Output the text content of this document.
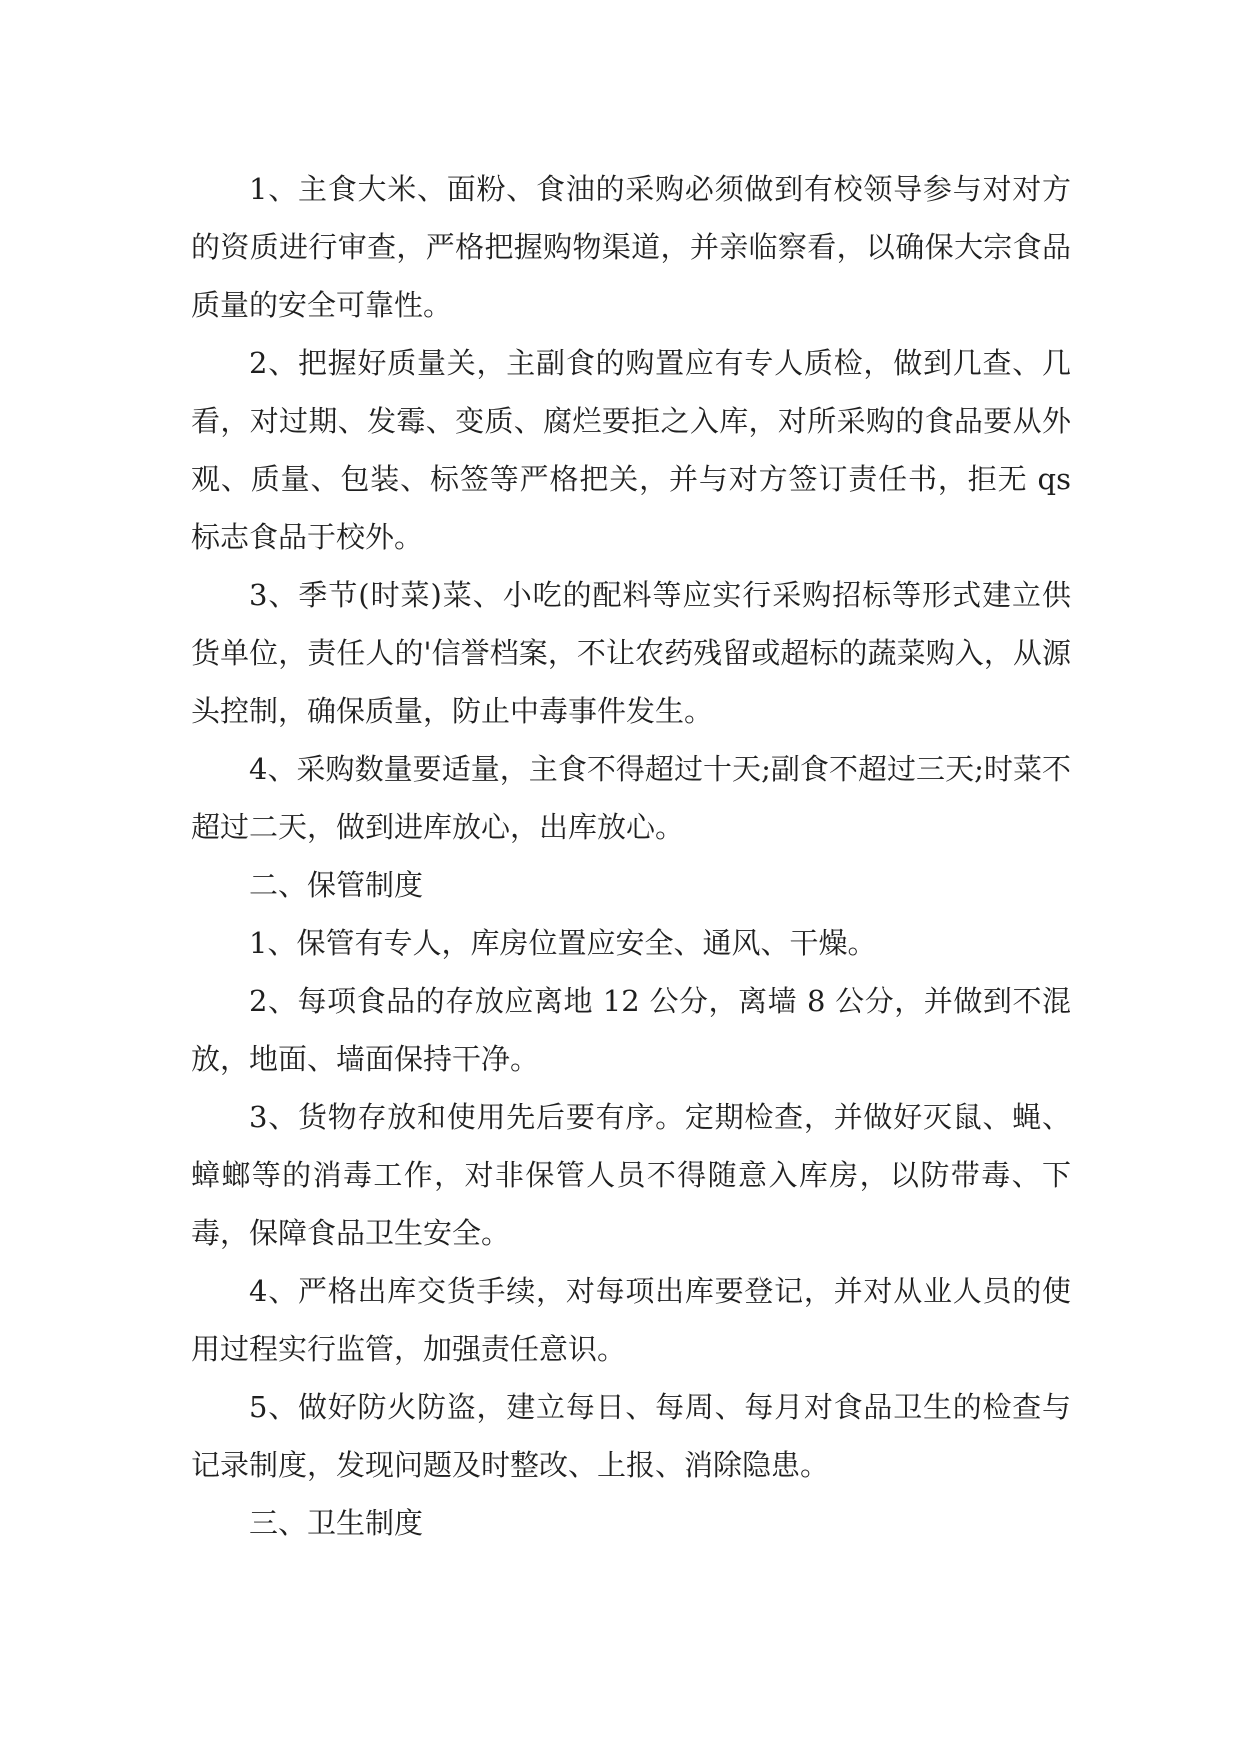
1、主食大米、面粉、食油的采购必须做到有校领导参与对对方的资质进行审查，严格把握购物渠道，并亲临察看，以确保大宗食品质量的安全可靠性。

2、把握好质量关，主副食的购置应有专人质检，做到几查、几看，对过期、发霉、变质、腐烂要拒之入库，对所采购的食品要从外观、质量、包装、标签等严格把关，并与对方签订责任书，拒无 qs 标志食品于校外。

3、季节(时菜)菜、小吃的配料等应实行采购招标等形式建立供货单位，责任人的'信誉档案，不让农药残留或超标的蔬菜购入，从源头控制，确保质量，防止中毒事件发生。

4、采购数量要适量，主食不得超过十天;副食不超过三天;时菜不超过二天，做到进库放心，出库放心。

二、保管制度

1、保管有专人，库房位置应安全、通风、干燥。

2、每项食品的存放应离地 12 公分，离墙 8 公分，并做到不混放，地面、墙面保持干净。

3、货物存放和使用先后要有序。定期检查，并做好灭鼠、蝇、蟑螂等的消毒工作，对非保管人员不得随意入库房，以防带毒、下毒，保障食品卫生安全。

4、严格出库交货手续，对每项出库要登记，并对从业人员的使用过程实行监管，加强责任意识。

5、做好防火防盗，建立每日、每周、每月对食品卫生的检查与记录制度，发现问题及时整改、上报、消除隐患。

三、卫生制度
